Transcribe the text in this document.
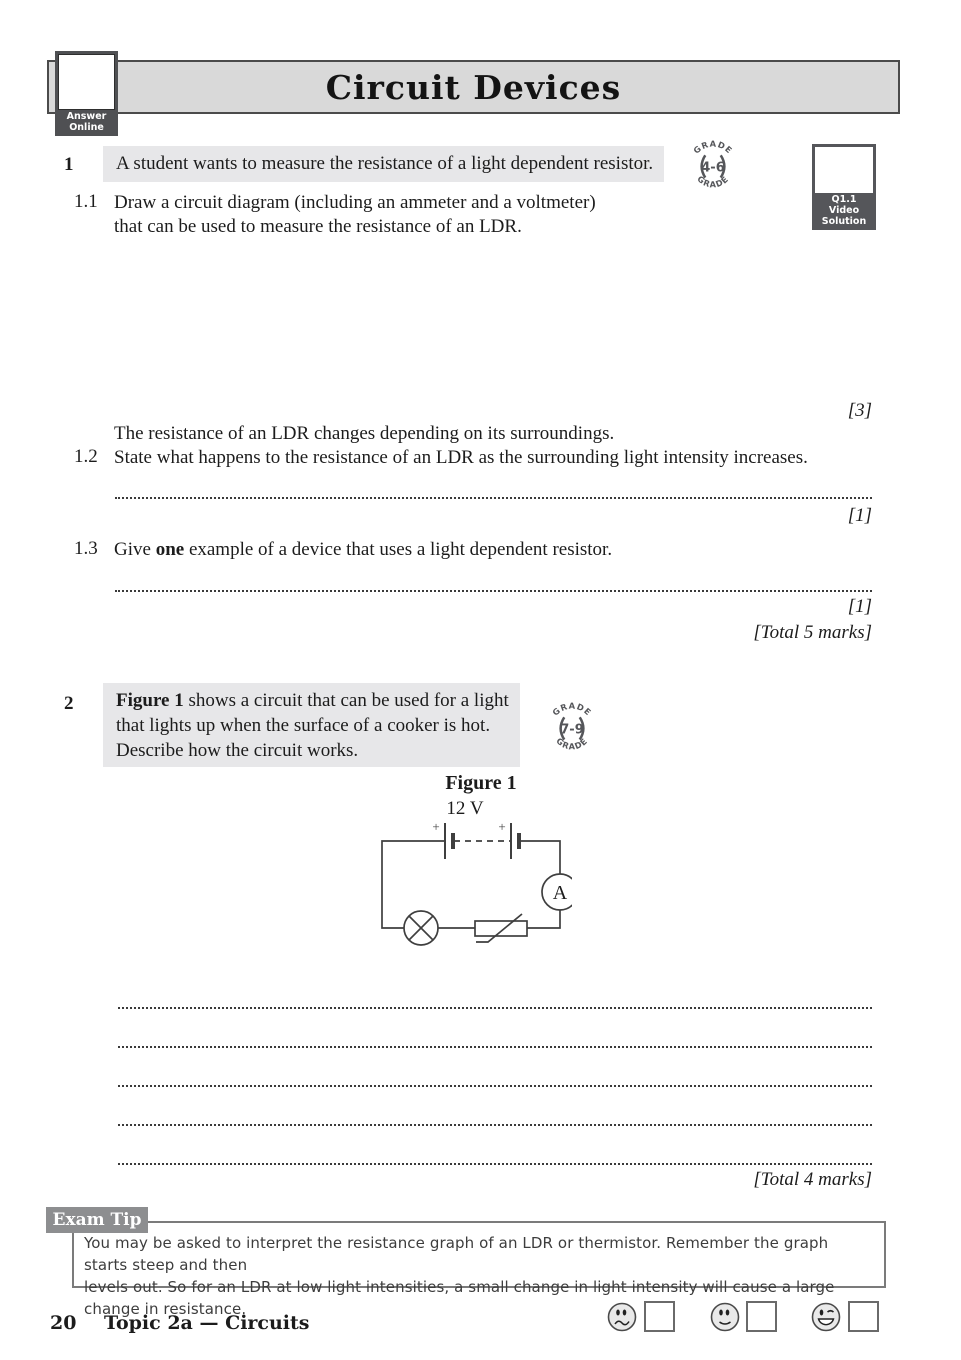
Circuit Devices
Answer
Online
Q1.1 Video
Solution
1 A student wants to measure the resistance of a light dependent resistor.
GRADE
GRADE
4-6
1.1 Draw a circuit diagram (including an ammeter and a voltmeter)
that can be used to measure the resistance of an LDR.
[3]
The resistance of an LDR changes depending on its surroundings.
1.2 State what happens to the resistance of an LDR as the surrounding light intensity increases.
[1]
1.3 Give one example of a device that uses a light dependent resistor.
[1]
[Total 5 marks]
2 Figure 1 shows a circuit that can be used for a light
that lights up when the surface of a cooker is hot.
Describe how the circuit works.
GRADE
GRADE
7-9
Figure 1
12 V
+	+
A
[Total 4 marks]
You may be asked to interpret the resistance graph of an LDR or thermistor. Remember the graph starts steep and then
levels out. So for an LDR at low light intensities, a small change in light intensity will cause a large change in resistance.
Exam Tip
20 Topic 2a — Circuits
